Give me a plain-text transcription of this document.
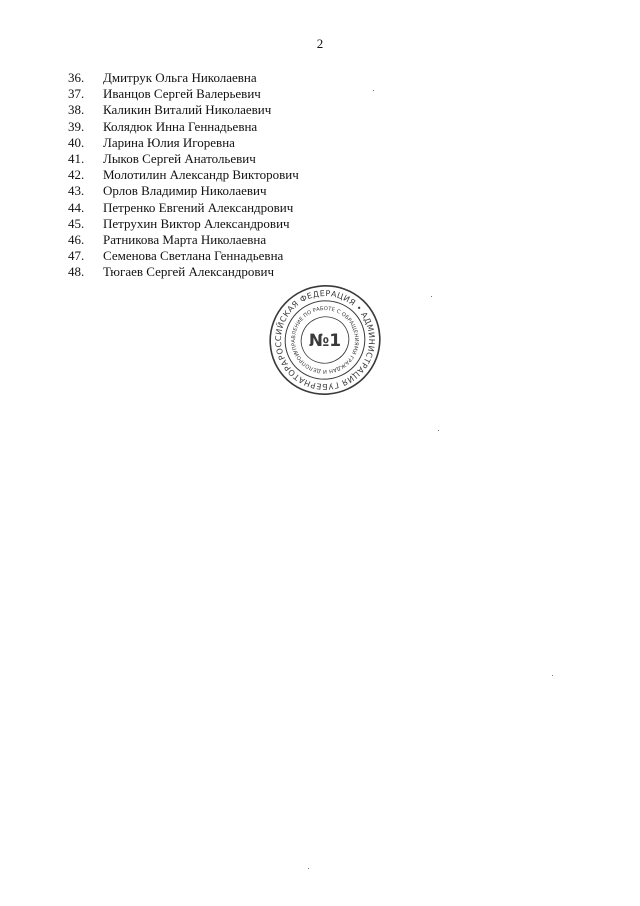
2
36.	Дмитрук Ольга Николаевна
37.	Иванцов Сергей Валерьевич
38.	Каликин Виталий Николаевич
39.	Колядюк Инна Геннадьевна
40.	Ларина Юлия Игоревна
41.	Лыков Сергей Анатольевич
42.	Молотилин Александр Викторович
43.	Орлов Владимир Николаевич
44.	Петренко Евгений Александрович
45.	Петрухин Виктор Александрович
46.	Ратникова Марта Николаевна
47.	Семенова Светлана Геннадьевна
48.	Тюгаев Сергей Александрович
РОССИЙСКАЯ ФЕДЕРАЦИЯ • АДМИНИСТРАЦИЯ ГУБЕРНАТОРА
УПРАВЛЕНИЕ ПО РАБОТЕ С ОБРАЩЕНИЯМИ ГРАЖДАН И ДЕЛОПРОИЗВОДСТВУ
№1
